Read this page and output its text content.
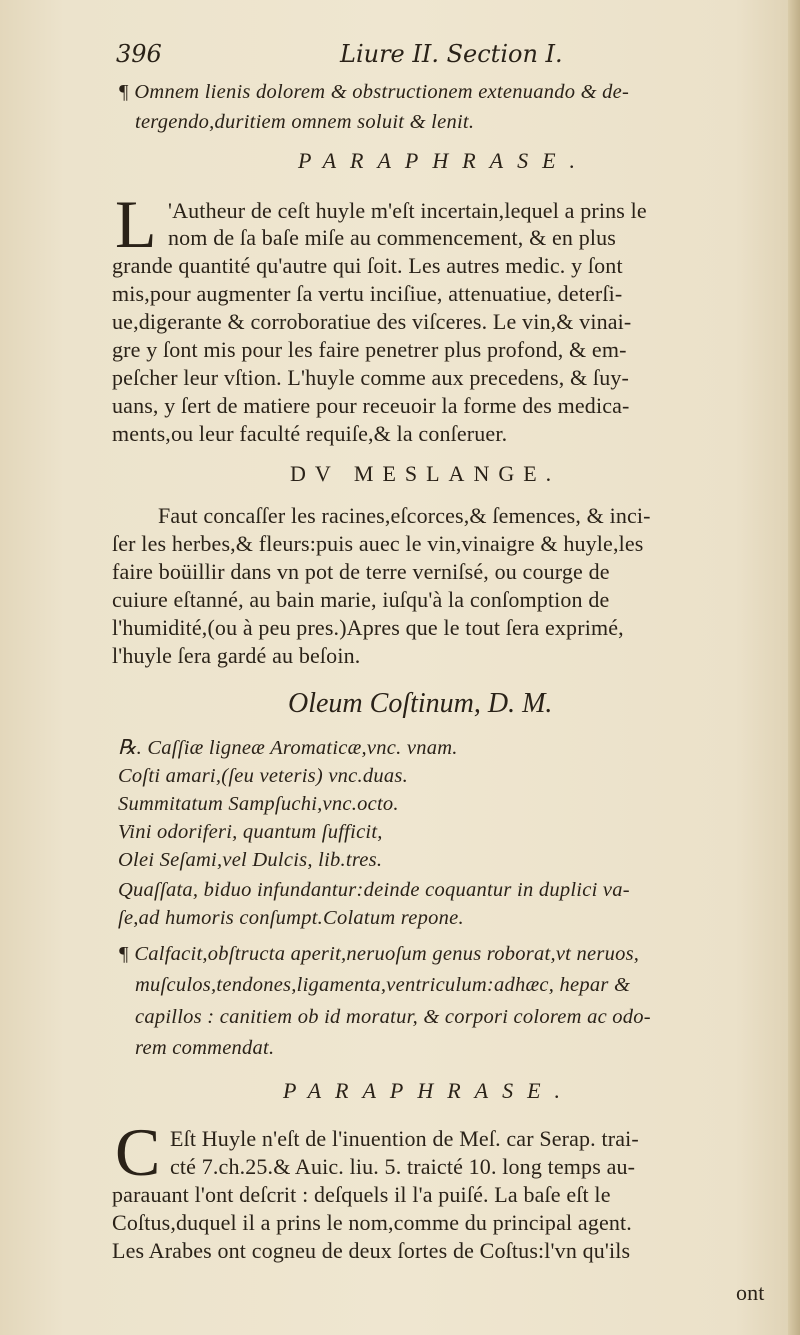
396	Liure II. Section I.
¶ Omnem lienis dolorem & obstructionem extenuando & de-
tergendo,duritiem omnem soluit & lenit.
PARAPHRASE.
L 'Autheur de ceſt huyle m'eſt incertain,lequel a prins le
nom de ſa baſe miſe au commencement, & en plus
grande quantité qu'autre qui ſoit. Les autres medic. y ſont
mis,pour augmenter ſa vertu inciſiue, attenuatiue, deterſi-
ue,digerante & corroboratiue des viſceres. Le vin,& vinai-
gre y ſont mis pour les faire penetrer plus profond, & em-
peſcher leur vſtion. L'huyle comme aux precedens, & ſuy-
uans, y ſert de matiere pour receuoir la forme des medica-
ments,ou leur faculté requiſe,& la conſeruer.
DV MESLANGE.
Faut concaſſer les racines,eſcorces,& ſemences, & inci-
ſer les herbes,& fleurs:puis auec le vin,vinaigre & huyle,les
faire boüillir dans vn pot de terre verniſsé, ou courge de
cuiure eſtanné, au bain marie, iuſqu'à la conſomption de
l'humidité,(ou à peu pres.)Apres que le tout ſera exprimé,
l'huyle ſera gardé au beſoin.
Oleum Coſtinum, D. M.
℞. Caſſiæ ligneæ Aromaticæ,vnc. vnam.
Coſti amari,(ſeu veteris) vnc.duas.
Summitatum Sampſuchi,vnc.octo.
Vini odoriferi, quantum ſufficit,
Olei Seſami,vel Dulcis, lib.tres.
Quaſſata, biduo infundantur:deinde coquantur in duplici va-
ſe,ad humoris conſumpt.Colatum repone.
¶ Calfacit,obſtructa aperit,neruoſum genus roborat,vt neruos,
muſculos,tendones,ligamenta,ventriculum:adhæc, hepar &
capillos : canitiem ob id moratur, & corpori colorem ac odo-
rem commendat.
PARAPHRASE.
C Eſt Huyle n'eſt de l'inuention de Meſ. car Serap. trai-
cté 7.ch.25.& Auic. liu. 5. traicté 10. long temps au-
parauant l'ont deſcrit : deſquels il l'a puiſé. La baſe eſt le
Coſtus,duquel il a prins le nom,comme du principal agent.
Les Arabes ont cogneu de deux ſortes de Coſtus:l'vn qu'ils
ont
